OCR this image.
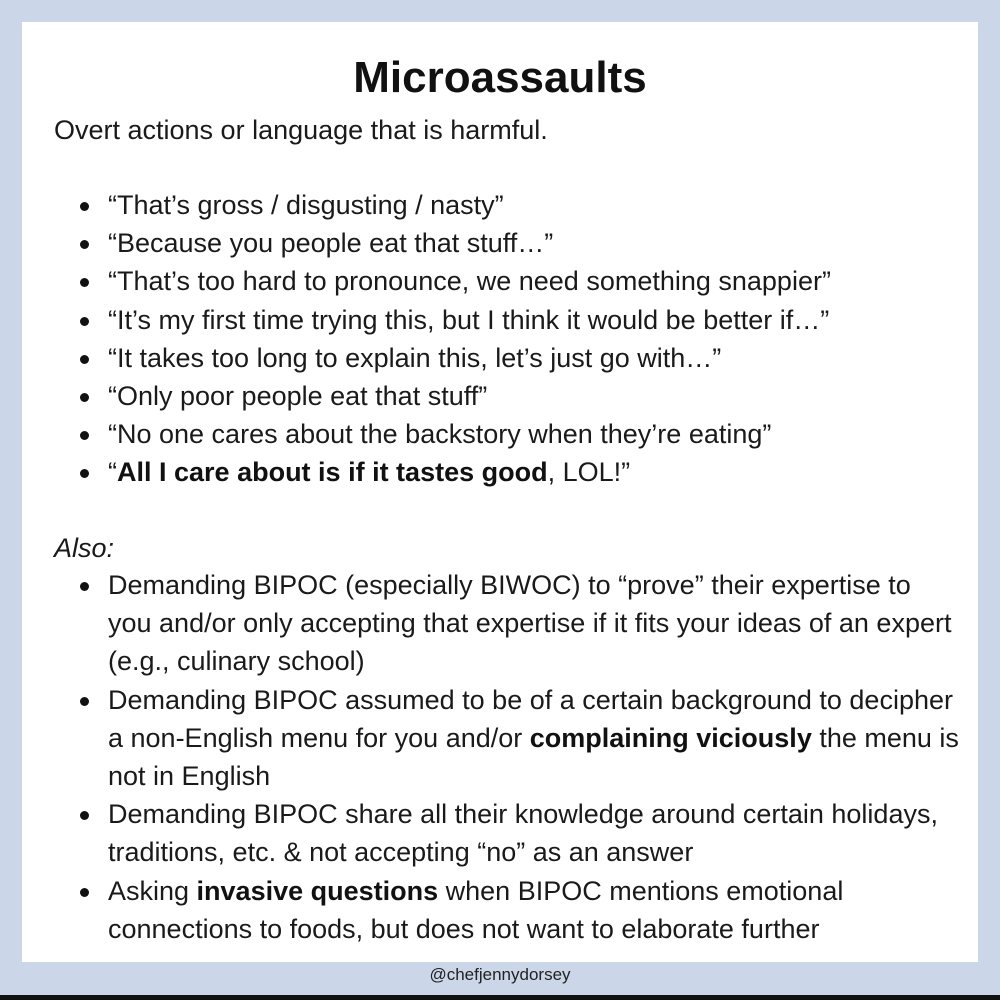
Microassaults

Overt actions or language that is harmful.

“That’s gross / disgusting / nasty”
“Because you people eat that stuff…”
“That’s too hard to pronounce, we need something snappier”
“It’s my first time trying this, but I think it would be better if…”
“It takes too long to explain this, let’s just go with…”
“Only poor people eat that stuff”
“No one cares about the backstory when they’re eating”
“All I care about is if it tastes good, LOL!”

Also:

Demanding BIPOC (especially BIWOC) to “prove” their expertise to you and/or only accepting that expertise if it fits your ideas of an expert (e.g., culinary school)
Demanding BIPOC assumed to be of a certain background to decipher a non-English menu for you and/or complaining viciously the menu is not in English
Demanding BIPOC share all their knowledge around certain holidays, traditions, etc. & not accepting “no” as an answer
Asking invasive questions when BIPOC mentions emotional connections to foods, but does not want to elaborate further
@chefjennydorsey
